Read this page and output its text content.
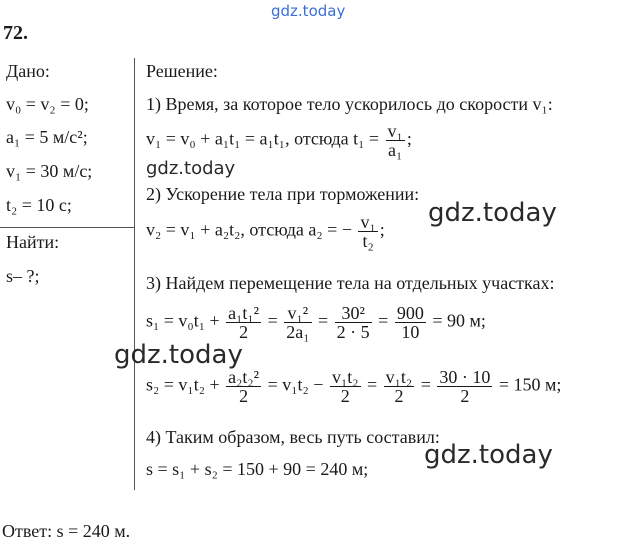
gdz.today
72.
Дано:
v₀ = v₂ = 0;
a₁ = 5 м/с²;
v₁ = 30 м/с;
t₂ = 10 с;
Найти:
s– ?;
Решение:
1) Время, за которое тело ускорилось до скорости v₁:
v₁ = v₀ + a₁t₁ = a₁t₁, отсюда $t_1 = \frac{\text{v₁}}{\text{a₁}}$ ;
gdz.today
2) Ускорение тела при торможении:
v₂ = v₁ + a₂t₂, отсюда a₂ = − $\frac{\text{v₁}}{\text{t₂}}$ ;
gdz.today
3) Найдем перемещение тела на отдельных участках:
$s_1 = v_0t_1 + \frac{\text{a₁t₁²}}{2} = \frac{\text{v₁²}}{\text{2a₁}} = \frac{\text{30²}}{2 \cdot 5} = \frac{900}{10} = 90$ м;
gdz.today
$s_2 = v_1t_2 + \frac{\text{a₂t₂²}}{2} = v_1t_2 - \frac{\text{v₁t₂}}{2} = \frac{\text{v₁t₂}}{2} = \frac{30 \cdot 10}{2} = 150$ м;
4) Таким образом, весь путь составил:
s = s₁ + s₂ = 150 + 90 = 240 м; gdz.today
Ответ: s = 240 м.
